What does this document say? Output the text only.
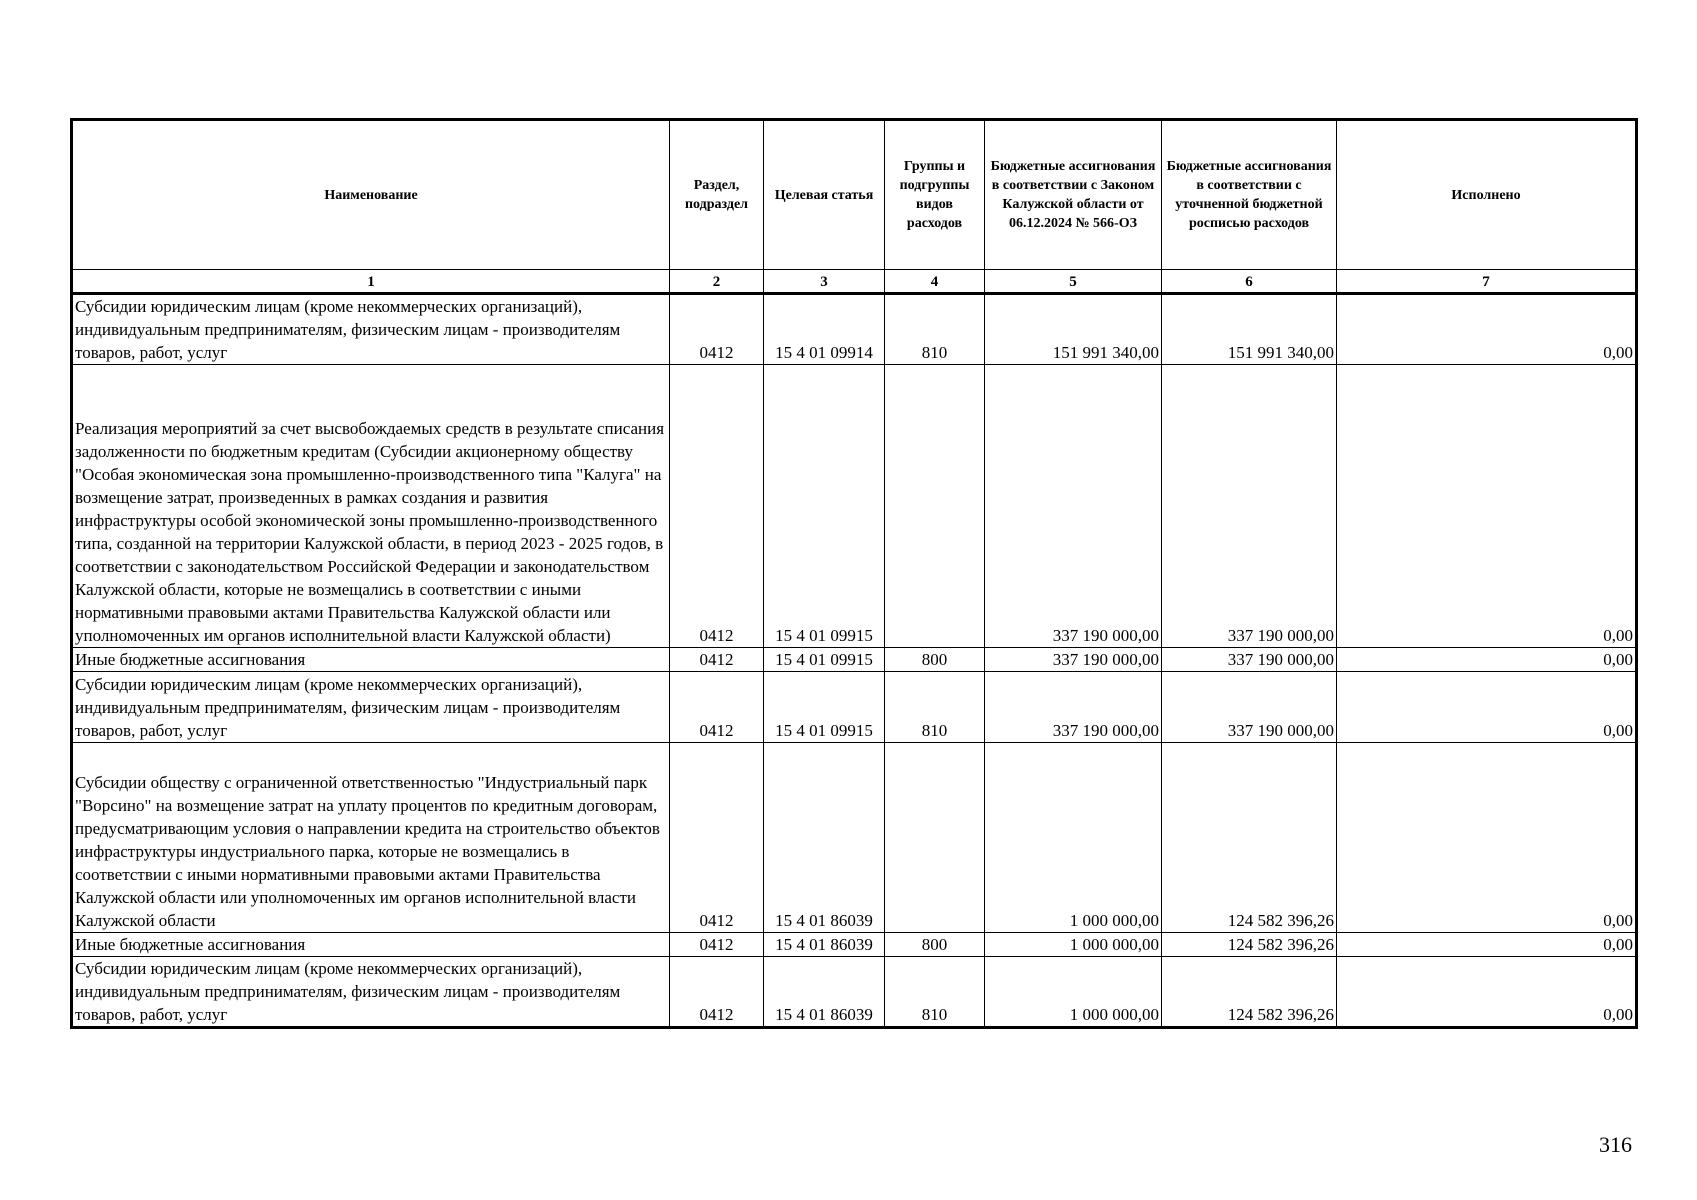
Наименование	Раздел, подраздел	Целевая статья	Группы и подгруппы видов расходов	Бюджетные ассигнования в соответствии с Законом Калужской области от 06.12.2024 № 566-ОЗ	Бюджетные ассигнования в соответствии с уточненной бюджетной росписью расходов	Исполнено
1	2	3	4	5	6	7
Субсидии юридическим лицам (кроме некоммерческих организаций), индивидуальным предпринимателям, физическим лицам - производителям товаров, работ, услуг	0412	15 4 01 09914	810	151 991 340,00	151 991 340,00	0,00
Реализация мероприятий за счет высвобождаемых средств в результате списания задолженности по бюджетным кредитам (Субсидии акционерному обществу "Особая экономическая зона промышленно-производственного типа "Калуга" на возмещение затрат, произведенных в рамках создания и развития инфраструктуры особой экономической зоны промышленно-производственного типа, созданной на территории Калужской области, в период 2023 - 2025 годов, в соответствии с законодательством Российской Федерации и законодательством Калужской области, которые не возмещались в соответствии с иными нормативными правовыми актами Правительства Калужской области или уполномоченных им органов исполнительной власти Калужской области)	0412	15 4 01 09915		337 190 000,00	337 190 000,00	0,00
Иные бюджетные ассигнования	0412	15 4 01 09915	800	337 190 000,00	337 190 000,00	0,00
Субсидии юридическим лицам (кроме некоммерческих организаций), индивидуальным предпринимателям, физическим лицам - производителям товаров, работ, услуг	0412	15 4 01 09915	810	337 190 000,00	337 190 000,00	0,00
Субсидии обществу с ограниченной ответственностью "Индустриальный парк "Ворсино" на возмещение затрат на уплату процентов по кредитным договорам, предусматривающим условия о направлении кредита на строительство объектов инфраструктуры индустриального парка, которые не возмещались в соответствии с иными нормативными правовыми актами Правительства Калужской области или уполномоченных им органов исполнительной власти Калужской области	0412	15 4 01 86039		1 000 000,00	124 582 396,26	0,00
Иные бюджетные ассигнования	0412	15 4 01 86039	800	1 000 000,00	124 582 396,26	0,00
Субсидии юридическим лицам (кроме некоммерческих организаций), индивидуальным предпринимателям, физическим лицам - производителям товаров, работ, услуг	0412	15 4 01 86039	810	1 000 000,00	124 582 396,26	0,00
316
